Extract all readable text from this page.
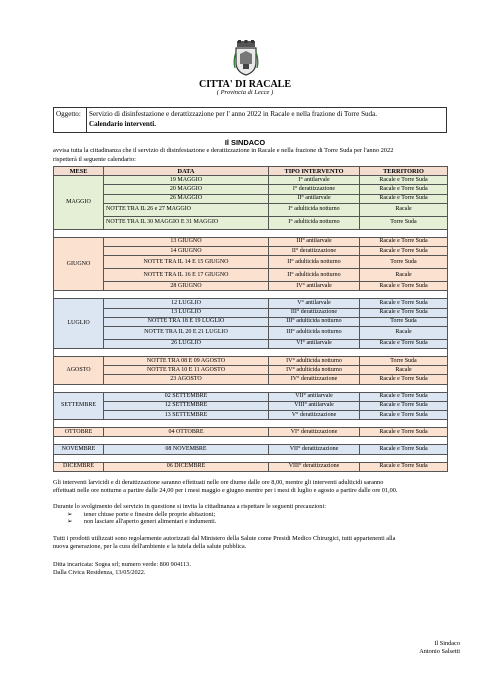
CITTA' DI RACALE
( Provincia di Lecce )
Oggetto: Servizio di disinfestazione e derattizzazione per l' anno 2022 in Racale e nella frazione di Torre Suda.
Calendario interventi.
Il SINDACO
avvisa tutta la cittadinanza che il servizio di disinfestazione e derattizzazione in Racale e nella frazione di Torre Suda per l'anno 2022
rispetterà il seguente calendario:
MESE	DATA	TIPO INTERVENTO	TERRITORIO
MAGGIO	19 MAGGIO	I° antilarvale	Racale e Torre Suda
	20 MAGGIO	I° derattizzazione	Racale e Torre Suda
	26 MAGGIO	II° antilarvale	Racale e Torre Suda
	NOTTE TRA IL 26 e 27 MAGGIO	I° adulticida notturno	Racale
	NOTTE TRA IL 30 MAGGIO E 31 MAGGIO	I° adulticida notturno	Torre Suda

GIUGNO	13 GIUGNO	III° antilarvale	Racale e Torre Suda
	14 GIUGNO	II° derattizzazione	Racale e Torre Suda
	NOTTE TRA IL 14 E 15 GIUGNO	II° adulticida notturno	Torre Suda
	NOTTE TRA IL 16 E 17 GIUGNO	II° adulticida notturno	Racale
	28 GIUGNO	IV° antilarvale	Racale e Torre Suda

LUGLIO	12 LUGLIO	V° antilarvale	Racale e Torre Suda
	13 LUGLIO	III° derattizzazione	Racale e Torre Suda
	NOTTE TRA 18 E 19 LUGLIO	III° adulticida notturno	Torre Suda
	NOTTE TRA IL 20 E 21 LUGLIO	III° adulticida notturno	Racale
	26 LUGLIO	VI° antilarvale	Racale e Torre Suda

AGOSTO	NOTTE TRA 08 E 09 AGOSTO	IV° adulticida notturno	Torre Suda
	NOTTE TRA 10 E 11 AGOSTO	IV° adulticida notturno	Racale
	23 AGOSTO	IV° derattizzazione	Racale e Torre Suda

SETTEMBRE	02 SETTEMBRE	VII° antilarvale	Racale e Torre Suda
	12 SETTEMBRE	VIII° antilarvale	Racale e Torre Suda
	13 SETTEMBRE	V° derattizzazione	Racale e Torre Suda

OTTOBRE	04 OTTOBRE	VI° derattizzazione	Racale e Torre Suda

NOVEMBRE	08 NOVEMBRE	VII° derattizzazione	Racale e Torre Suda

DICEMBRE	06 DICEMBRE	VIII° derattizzazione	Racale e Torre Suda
Gli interventi larvicidi e di derattizzazione saranno effettuati nelle ore diurne dalle ore 8,00, mentre gli interventi adulticidi saranno
effettuati nelle ore notturne a partire dalle 24,00 per i mesi maggio e giugno mentre per i mesi di luglio e agosto a partire dalle ore 01,00.
Durante lo svolgimento del servizio in questione si invita la cittadinanza a rispettare le seguenti precauzioni:
➢ tener chiuse porte e finestre delle proprie abitazioni;
➢ non lasciare all'aperto generi alimentari e indumenti.
Tutti i prodotti utilizzati sono regolarmente autorizzati dal Ministero della Salute come Presidi Medico Chirurgici, tutti appartenenti alla
nuova generazione, per la cura dell'ambiente e la tutela della salute pubblica.
Ditta incaricata: Sogea srl; numero verde: 800 904113.
Dalla Civica Residenza, 13/05/2022.
Il Sindaco
Antonio Salsetti
